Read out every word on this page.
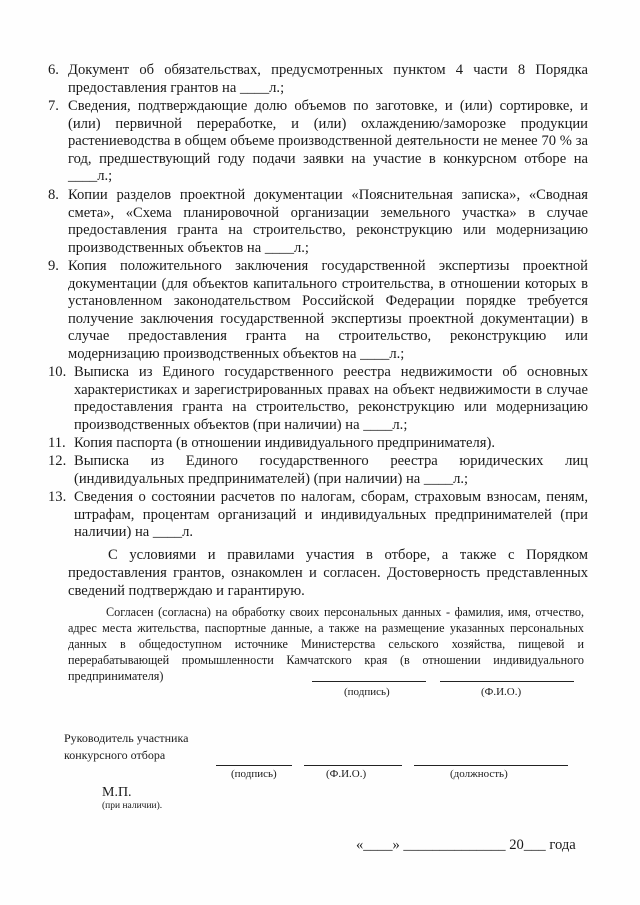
6. Документ об обязательствах, предусмотренных пунктом 4 части 8 Порядка предоставления грантов на ____л.;
7. Сведения, подтверждающие долю объемов по заготовке, и (или) сортировке, и (или) первичной переработке, и (или) охлаждению/заморозке продукции растениеводства в общем объеме производственной деятельности не менее 70 % за год, предшествующий году подачи заявки на участие в конкурсном отборе на ____л.;
8. Копии разделов проектной документации «Пояснительная записка», «Сводная смета», «Схема планировочной организации земельного участка» в случае предоставления гранта на строительство, реконструкцию или модернизацию производственных объектов на ____л.;
9. Копия положительного заключения государственной экспертизы проектной документации (для объектов капитального строительства, в отношении которых в установленном законодательством Российской Федерации порядке требуется получение заключения государственной экспертизы проектной документации) в случае предоставления гранта на строительство, реконструкцию или модернизацию производственных объектов на ____л.;
10. Выписка из Единого государственного реестра недвижимости об основных характеристиках и зарегистрированных правах на объект недвижимости в случае предоставления гранта на строительство, реконструкцию или модернизацию производственных объектов (при наличии) на ____л.;
11. Копия паспорта (в отношении индивидуального предпринимателя).
12. Выписка из Единого государственного реестра юридических лиц (индивидуальных предпринимателей) (при наличии) на ____л.;
13. Сведения о состоянии расчетов по налогам, сборам, страховым взносам, пеням, штрафам, процентам организаций и индивидуальных предпринимателей (при наличии) на ____л.
С условиями и правилами участия в отборе, а также с Порядком предоставления грантов, ознакомлен и согласен. Достоверность представленных сведений подтверждаю и гарантирую.
Согласен (согласна) на обработку своих персональных данных - фамилия, имя, отчество, адрес места жительства, паспортные данные, а также на размещение указанных персональных данных в общедоступном источнике Министерства сельского хозяйства, пищевой и перерабатывающей промышленности Камчатского края (в отношении индивидуального предпринимателя)
(подпись)	(Ф.И.О.)
Руководитель участника
конкурсного отбора
(подпись)	(Ф.И.О.)	(должность)
М.П.
(при наличии).
«____» ______________ 20___ года
